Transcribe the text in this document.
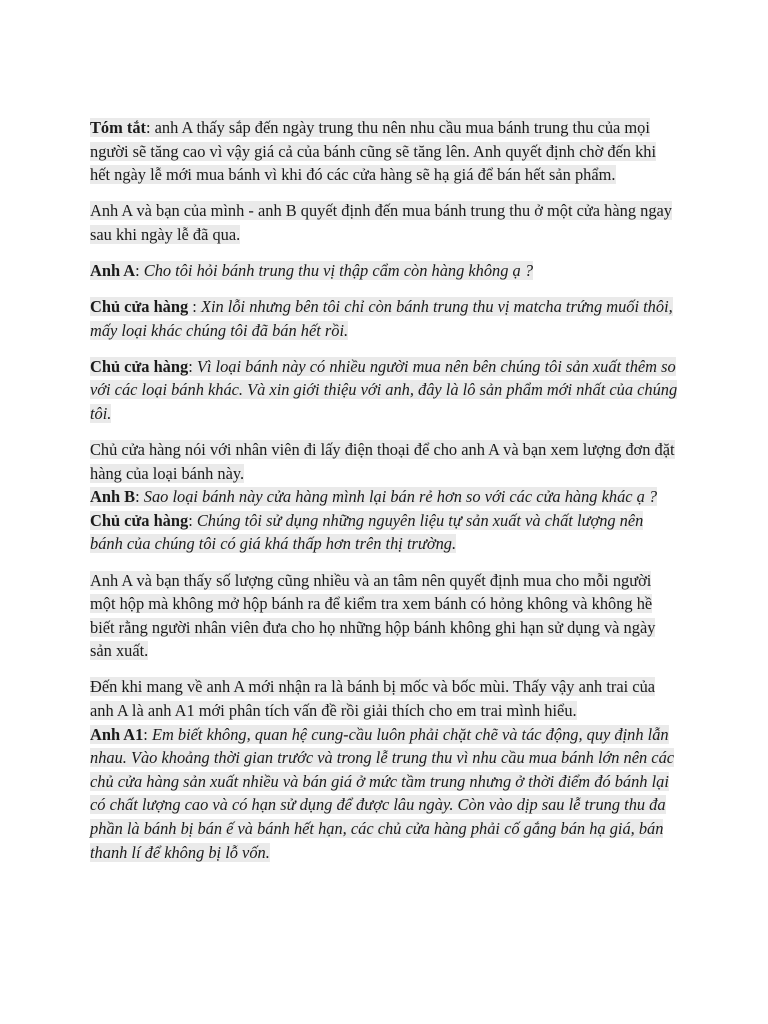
Tóm tắt: anh A thấy sắp đến ngày trung thu nên nhu cầu mua bánh trung thu của mọi người sẽ tăng cao vì vậy giá cả của bánh cũng sẽ tăng lên. Anh quyết định chờ đến khi hết ngày lễ mới mua bánh vì khi đó các cửa hàng sẽ hạ giá để bán hết sản phẩm.

Anh A và bạn của mình - anh B quyết định đến mua bánh trung thu ở một cửa hàng ngay sau khi ngày lễ đã qua.

Anh A: Cho tôi hỏi bánh trung thu vị thập cẩm còn hàng không ạ ?

Chủ cửa hàng : Xin lỗi nhưng bên tôi chỉ còn bánh trung thu vị matcha trứng muối thôi, mấy loại khác chúng tôi đã bán hết rồi.

Chủ cửa hàng: Vì loại bánh này có nhiều người mua nên bên chúng tôi sản xuất thêm so với các loại bánh khác. Và xin giới thiệu với anh, đây là lô sản phẩm mới nhất của chúng tôi.

Chủ cửa hàng nói với nhân viên đi lấy điện thoại để cho anh A và bạn xem lượng đơn đặt hàng của loại bánh này.

Anh B: Sao loại bánh này cửa hàng mình lại bán rẻ hơn so với các cửa hàng khác ạ ?

Chủ cửa hàng: Chúng tôi sử dụng những nguyên liệu tự sản xuất và chất lượng nên bánh của chúng tôi có giá khá thấp hơn trên thị trường.

Anh A và bạn thấy số lượng cũng nhiều và an tâm nên quyết định mua cho mỗi người một hộp mà không mở hộp bánh ra để kiểm tra xem bánh có hỏng không và không hề biết rằng người nhân viên đưa cho họ những hộp bánh không ghi hạn sử dụng và ngày sản xuất.

Đến khi mang về anh A mới nhận ra là bánh bị mốc và bốc mùi. Thấy vậy anh trai của anh A là anh A1 mới phân tích vấn đề rồi giải thích cho em trai mình hiểu.

Anh A1: Em biết không, quan hệ cung-cầu luôn phải chặt chẽ và tác động, quy định lẫn nhau. Vào khoảng thời gian trước và trong lễ trung thu vì nhu cầu mua bánh lớn nên các chủ cửa hàng sản xuất nhiều và bán giá ở mức tầm trung nhưng ở thời điểm đó bánh lại có chất lượng cao và có hạn sử dụng để được lâu ngày. Còn vào dịp sau lễ trung thu đa phần là bánh bị bán ế và bánh hết hạn, các chủ cửa hàng phải cố gắng bán hạ giá, bán thanh lí để không bị lỗ vốn.
